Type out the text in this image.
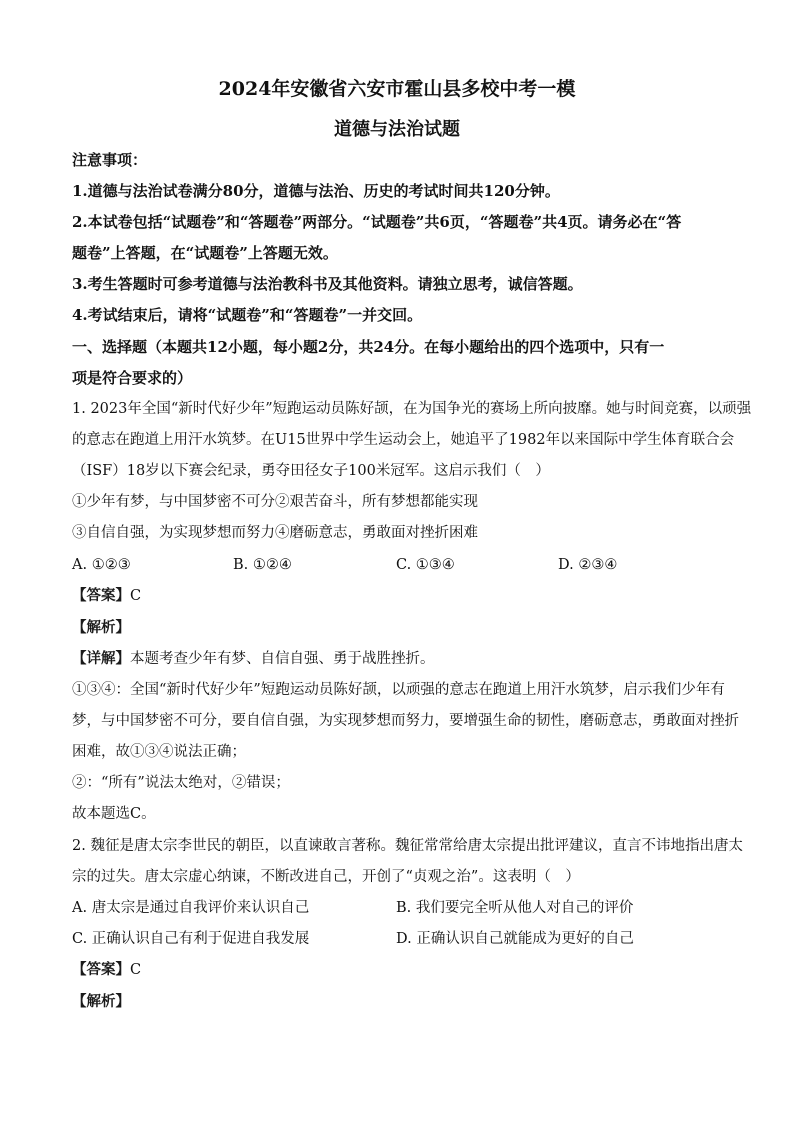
2024年安徽省六安市霍山县多校中考一模
道德与法治试题
注意事项：
1.道德与法治试卷满分80分，道德与法治、历史的考试时间共120分钟。
2.本试卷包括“试题卷”和“答题卷”两部分。“试题卷”共6页，“答题卷”共4页。请务必在“答
题卷”上答题，在“试题卷”上答题无效。
3.考生答题时可参考道德与法治教科书及其他资料。请独立思考，诚信答题。
4.考试结束后，请将“试题卷”和“答题卷”一并交回。
一、选择题（本题共12小题，每小题2分，共24分。在每小题给出的四个选项中，只有一
项是符合要求的）
1. 2023年全国“新时代好少年”短跑运动员陈好颉，在为国争光的赛场上所向披靡。她与时间竞赛，以顽强
的意志在跑道上用汗水筑梦。在U15世界中学生运动会上，她追平了1982年以来国际中学生体育联合会
（ISF）18岁以下赛会纪录，勇夺田径女子100米冠军。这启示我们（　）
①少年有梦，与中国梦密不可分②艰苦奋斗，所有梦想都能实现
③自信自强，为实现梦想而努力④磨砺意志，勇敢面对挫折困难
A. ①②③	B. ①②④	C. ①③④	D. ②③④
【答案】C
【解析】
【详解】本题考查少年有梦、自信自强、勇于战胜挫折。
①③④：全国“新时代好少年”短跑运动员陈好颉，以顽强的意志在跑道上用汗水筑梦，启示我们少年有
梦，与中国梦密不可分，要自信自强，为实现梦想而努力，要增强生命的韧性，磨砺意志，勇敢面对挫折
困难，故①③④说法正确；
②：“所有”说法太绝对，②错误；
故本题选C。
2. 魏征是唐太宗李世民的朝臣，以直谏敢言著称。魏征常常给唐太宗提出批评建议，直言不讳地指出唐太
宗的过失。唐太宗虚心纳谏，不断改进自己，开创了“贞观之治”。这表明（　）
A. 唐太宗是通过自我评价来认识自己	B. 我们要完全听从他人对自己的评价
C. 正确认识自己有利于促进自我发展	D. 正确认识自己就能成为更好的自己
【答案】C
【解析】
